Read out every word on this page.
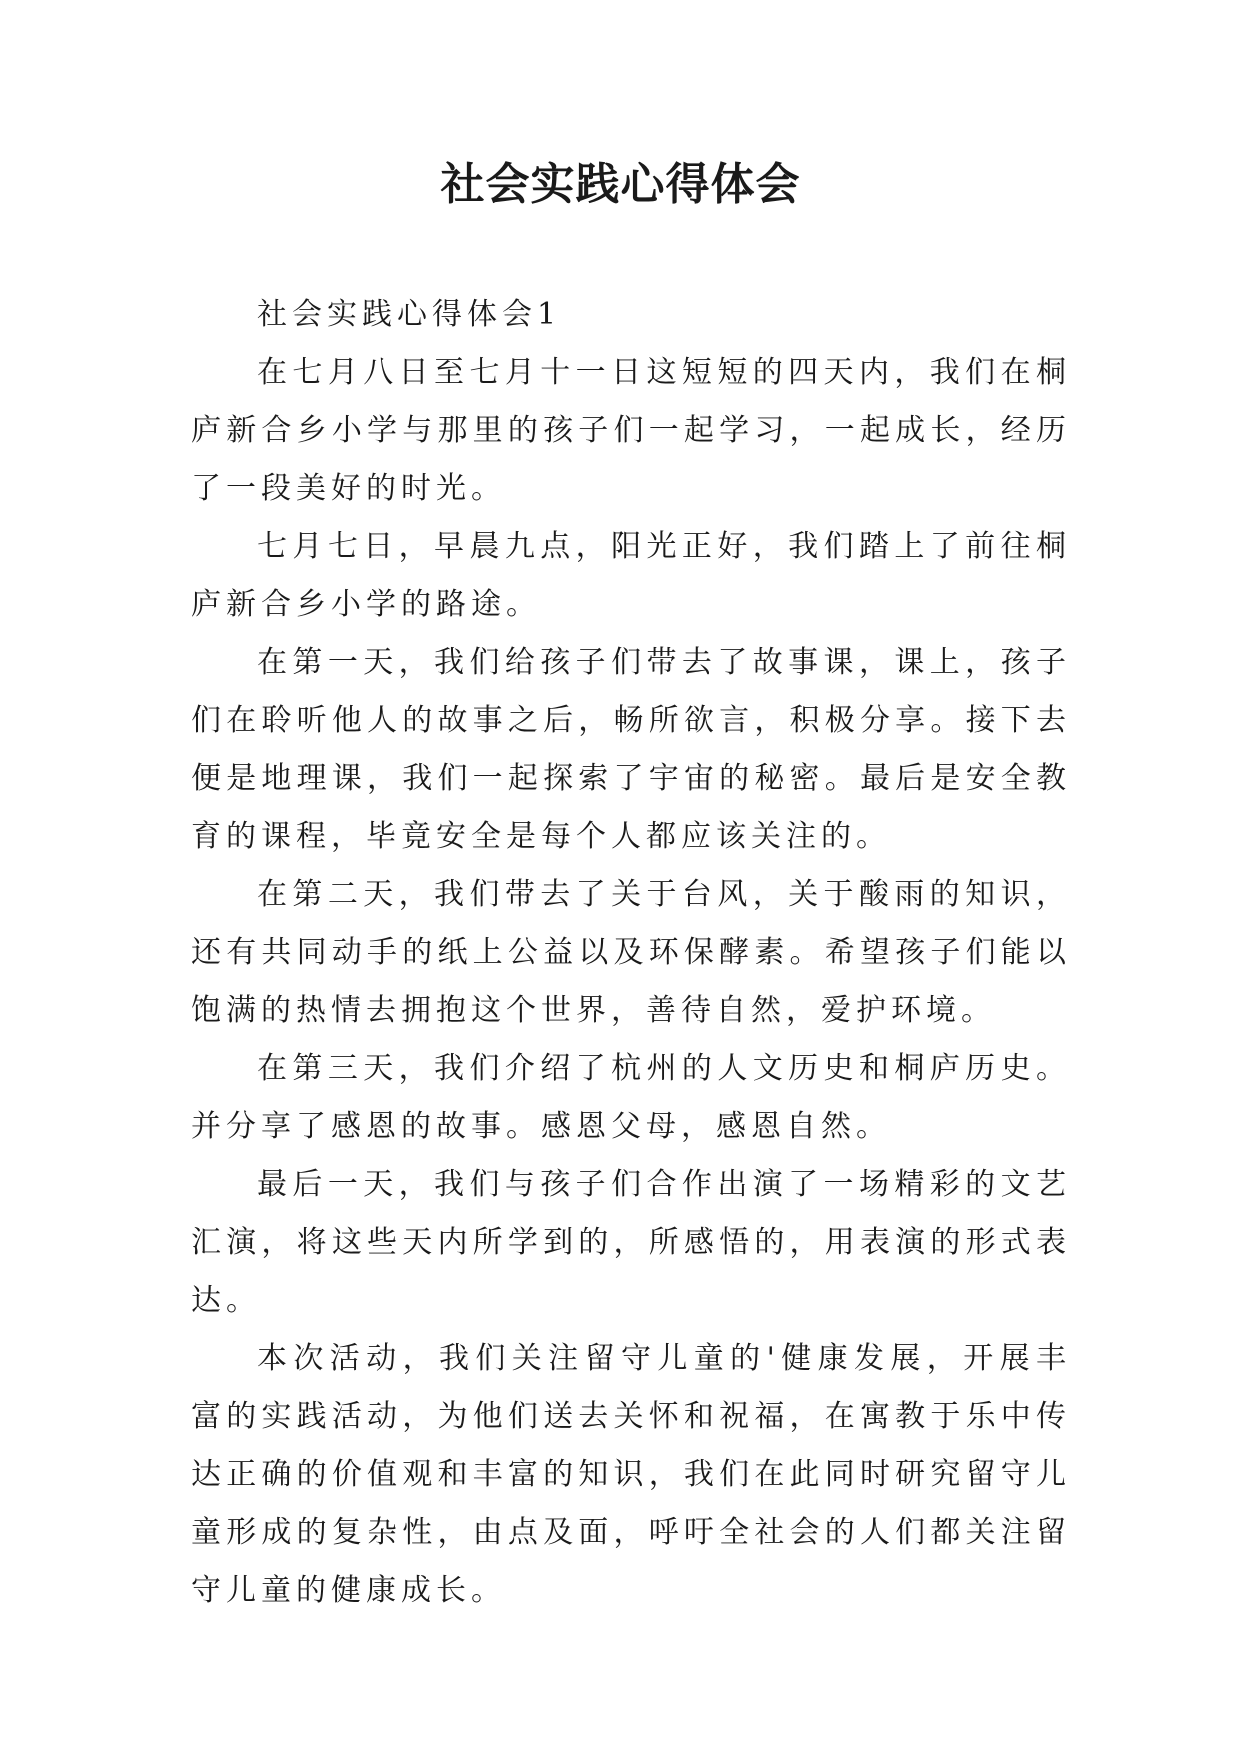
社会实践心得体会

社会实践心得体会1

在七月八日至七月十一日这短短的四天内，我们在桐庐新合乡小学与那里的孩子们一起学习，一起成长，经历了一段美好的时光。

七月七日，早晨九点，阳光正好，我们踏上了前往桐庐新合乡小学的路途。

在第一天，我们给孩子们带去了故事课，课上，孩子们在聆听他人的故事之后，畅所欲言，积极分享。接下去便是地理课，我们一起探索了宇宙的秘密。最后是安全教育的课程，毕竟安全是每个人都应该关注的。

在第二天，我们带去了关于台风，关于酸雨的知识，还有共同动手的纸上公益以及环保酵素。希望孩子们能以饱满的热情去拥抱这个世界，善待自然，爱护环境。

在第三天，我们介绍了杭州的人文历史和桐庐历史。并分享了感恩的故事。感恩父母，感恩自然。

最后一天，我们与孩子们合作出演了一场精彩的文艺汇演，将这些天内所学到的，所感悟的，用表演的形式表达。

本次活动，我们关注留守儿童的'健康发展，开展丰富的实践活动，为他们送去关怀和祝福，在寓教于乐中传达正确的价值观和丰富的知识，我们在此同时研究留守儿童形成的复杂性，由点及面，呼吁全社会的人们都关注留守儿童的健康成长。
